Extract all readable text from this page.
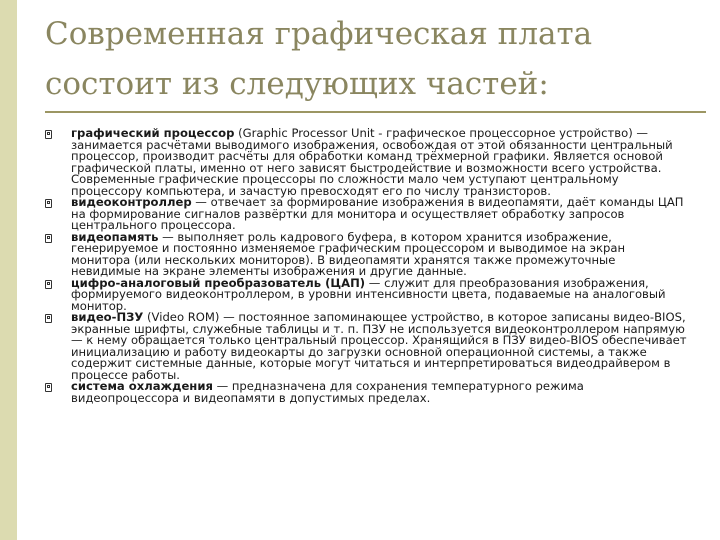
Современная графическая плата
состоит из следующих частей:
графический процессор (Graphic Processor Unit - графическое процессорное устройство) — занимается расчётами выводимого изображения, освобождая от этой обязанности центральный процессор, производит расчёты для обработки команд трёхмерной графики. Является основой графической платы, именно от него зависят быстродействие и возможности всего устройства. Современные графические процессоры по сложности мало чем уступают центральному процессору компьютера, и зачастую превосходят его по числу транзисторов.
видеоконтроллер — отвечает за формирование изображения в видеопамяти, даёт команды ЦАП на формирование сигналов развёртки для монитора и осуществляет обработку запросов центрального процессора.
видеопамять — выполняет роль кадрового буфера, в котором хранится изображение, генерируемое и постоянно изменяемое графическим процессором и выводимое на экран монитора (или нескольких мониторов). В видеопамяти хранятся также промежуточные невидимые на экране элементы изображения и другие данные.
цифро-аналоговый преобразователь (ЦАП) — служит для преобразования изображения, формируемого видеоконтроллером, в уровни интенсивности цвета, подаваемые на аналоговый монитор.
видео-ПЗУ (Video ROM) — постоянное запоминающее устройство, в которое записаны видео-BIOS, экранные шрифты, служебные таблицы и т. п. ПЗУ не используется видеоконтроллером напрямую — к нему обращается только центральный процессор. Хранящийся в ПЗУ видео-BIOS обеспечивает инициализацию и работу видеокарты до загрузки основной операционной системы, а также содержит системные данные, которые могут читаться и интерпретироваться видеодрайвером в процессе работы.
система охлаждения — предназначена для сохранения температурного режима видеопроцессора и видеопамяти в допустимых пределах.
